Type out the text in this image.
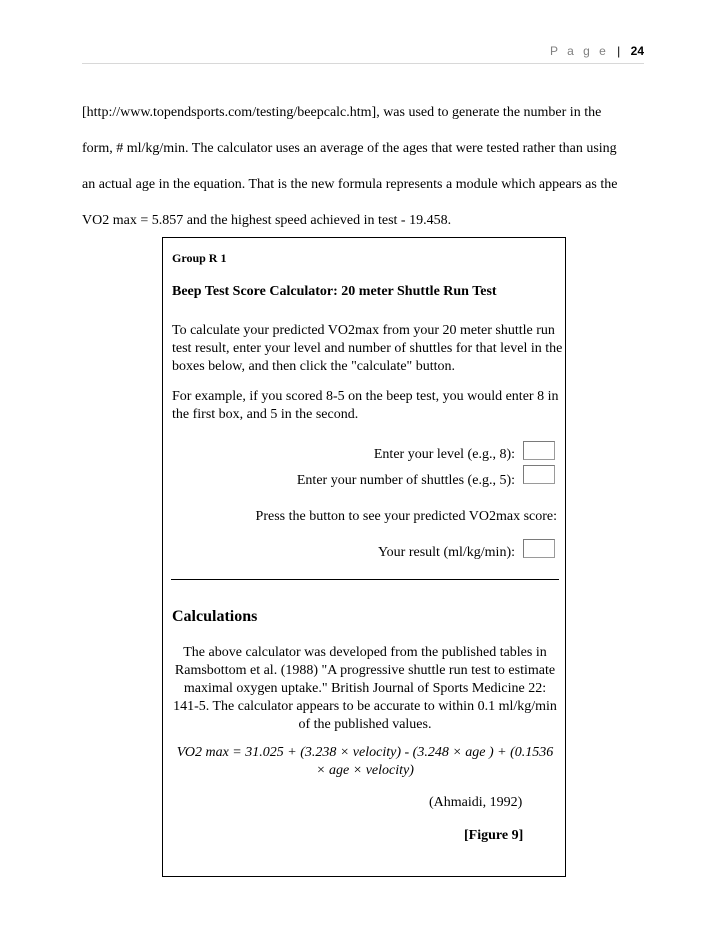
P a g e | 24

[http://www.topendsports.com/testing/beepcalc.htm], was used to generate the number in the

form, # ml/kg/min. The calculator uses an average of the ages that were tested rather than using

an actual age in the equation. That is the new formula represents a module which appears as the

VO2 max = 5.857 and the highest speed achieved in test - 19.458.

Group R 1
Beep Test Score Calculator: 20 meter Shuttle Run Test

To calculate your predicted VO2max from your 20 meter shuttle run test result, enter your level and number of shuttles for that level in the boxes below, and then click the "calculate" button.

For example, if you scored 8-5 on the beep test, you would enter 8 in the first box, and 5 in the second.

Enter your level (e.g., 8):
Enter your number of shuttles (e.g., 5):
Press the button to see your predicted VO2max score:
Your result (ml/kg/min):
Calculations

The above calculator was developed from the published tables in Ramsbottom et al. (1988) "A progressive shuttle run test to estimate maximal oxygen uptake." British Journal of Sports Medicine 22: 141-5. The calculator appears to be accurate to within 0.1 ml/kg/min of the published values.

VO2 max = 31.025 + (3.238 × velocity) - (3.248 × age ) + (0.1536 × age × velocity)

(Ahmaidi, 1992)
[Figure 9]
